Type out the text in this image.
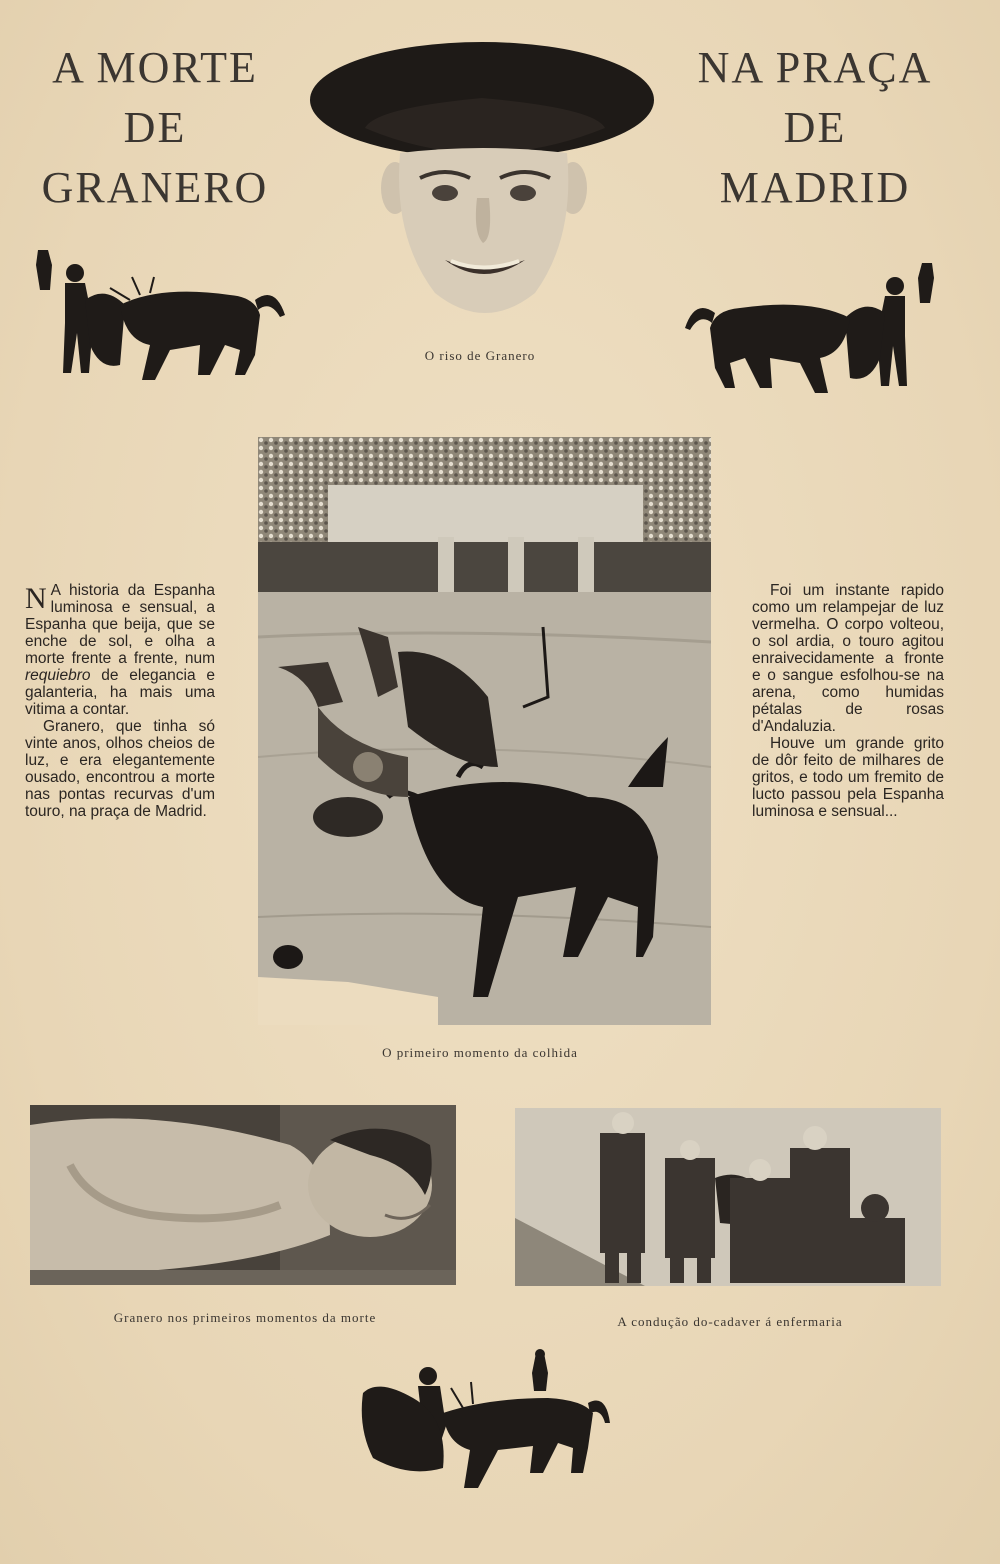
A MORTE
DE
GRANERO
NA PRAÇA
DE
MADRID
O riso de Granero

N A historia da Espanha luminosa e sensual, a Espanha que beija, que se enche de sol, e olha a morte frente a frente, num requiebro de elegancia e galanteria, ha mais uma vitima a contar.

Granero, que tinha só vinte anos, olhos cheios de luz, e era elegantemente ousado, encontrou a morte nas pontas recurvas d'um touro, na praça de Madrid.

O primeiro momento da colhida

Foi um instante rapido como um relampejar de luz vermelha. O corpo volteou, o sol ardia, o touro agitou enraivecidamente a fronte e o sangue esfolhou-se na arena, como humidas pétalas de rosas d'Andaluzia.

Houve um grande grito de dôr feito de milhares de gritos, e todo um fremito de lucto passou pela Espanha luminosa e sensual...

Granero nos primeiros momentos da morte	A condução do-cadaver á enfermaria
